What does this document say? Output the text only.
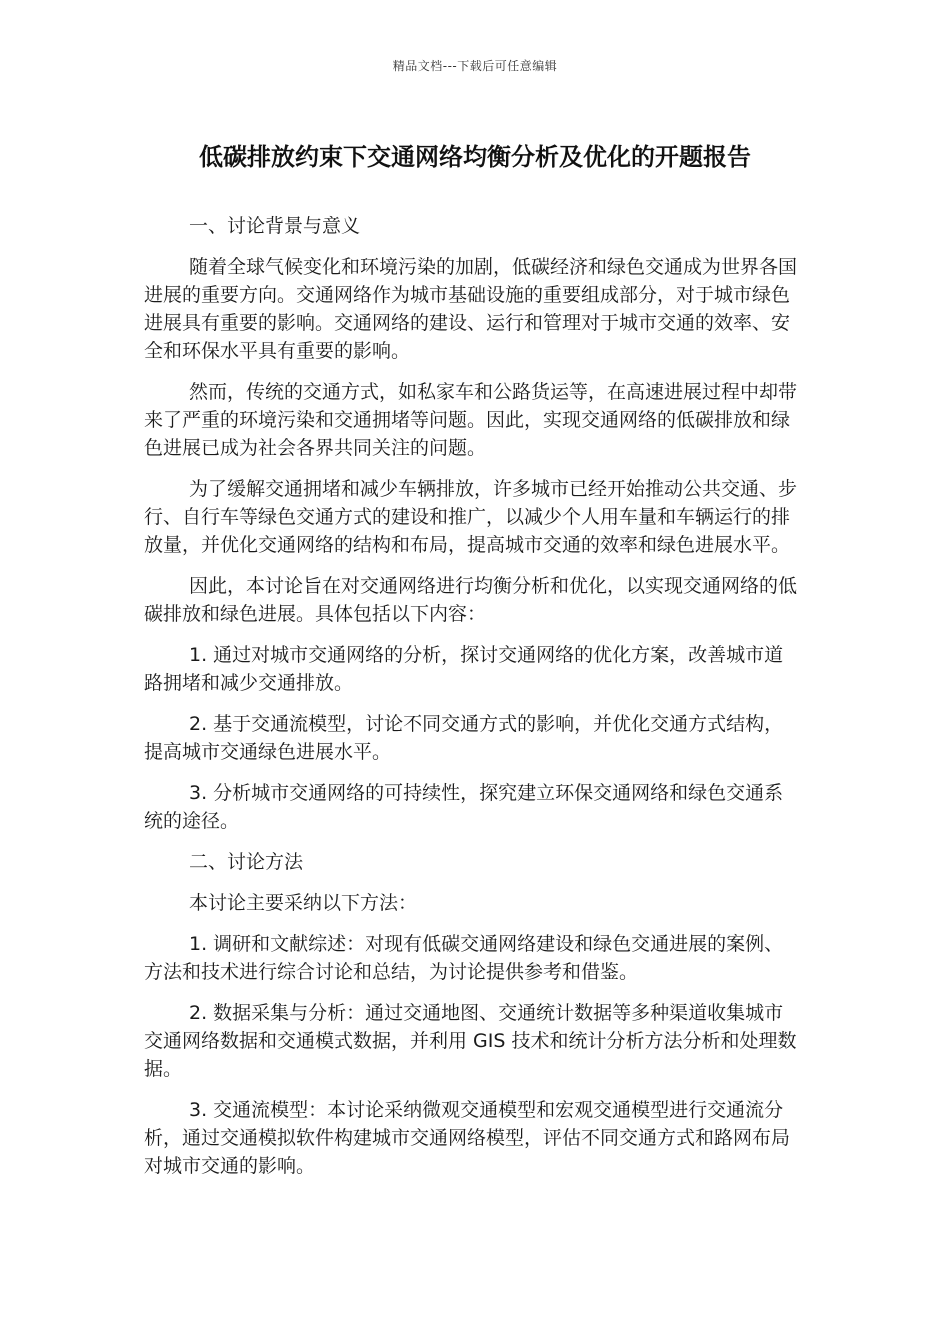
精品文档---下载后可任意编辑
低碳排放约束下交通网络均衡分析及优化的开题报告

一、讨论背景与意义

随着全球气候变化和环境污染的加剧，低碳经济和绿色交通成为世界各国进展的重要方向。交通网络作为城市基础设施的重要组成部分，对于城市绿色进展具有重要的影响。交通网络的建设、运行和管理对于城市交通的效率、安全和环保水平具有重要的影响。

然而，传统的交通方式，如私家车和公路货运等，在高速进展过程中却带来了严重的环境污染和交通拥堵等问题。因此，实现交通网络的低碳排放和绿色进展已成为社会各界共同关注的问题。

为了缓解交通拥堵和减少车辆排放，许多城市已经开始推动公共交通、步行、自行车等绿色交通方式的建设和推广，以减少个人用车量和车辆运行的排放量，并优化交通网络的结构和布局，提高城市交通的效率和绿色进展水平。

因此，本讨论旨在对交通网络进行均衡分析和优化，以实现交通网络的低碳排放和绿色进展。具体包括以下内容：

1. 通过对城市交通网络的分析，探讨交通网络的优化方案，改善城市道路拥堵和减少交通排放。

2. 基于交通流模型，讨论不同交通方式的影响，并优化交通方式结构，提高城市交通绿色进展水平。

3. 分析城市交通网络的可持续性，探究建立环保交通网络和绿色交通系统的途径。

二、讨论方法

本讨论主要采纳以下方法：

1. 调研和文献综述：对现有低碳交通网络建设和绿色交通进展的案例、方法和技术进行综合讨论和总结，为讨论提供参考和借鉴。

2. 数据采集与分析：通过交通地图、交通统计数据等多种渠道收集城市交通网络数据和交通模式数据，并利用 GIS 技术和统计分析方法分析和处理数据。

3. 交通流模型：本讨论采纳微观交通模型和宏观交通模型进行交通流分析，通过交通模拟软件构建城市交通网络模型，评估不同交通方式和路网布局对城市交通的影响。
